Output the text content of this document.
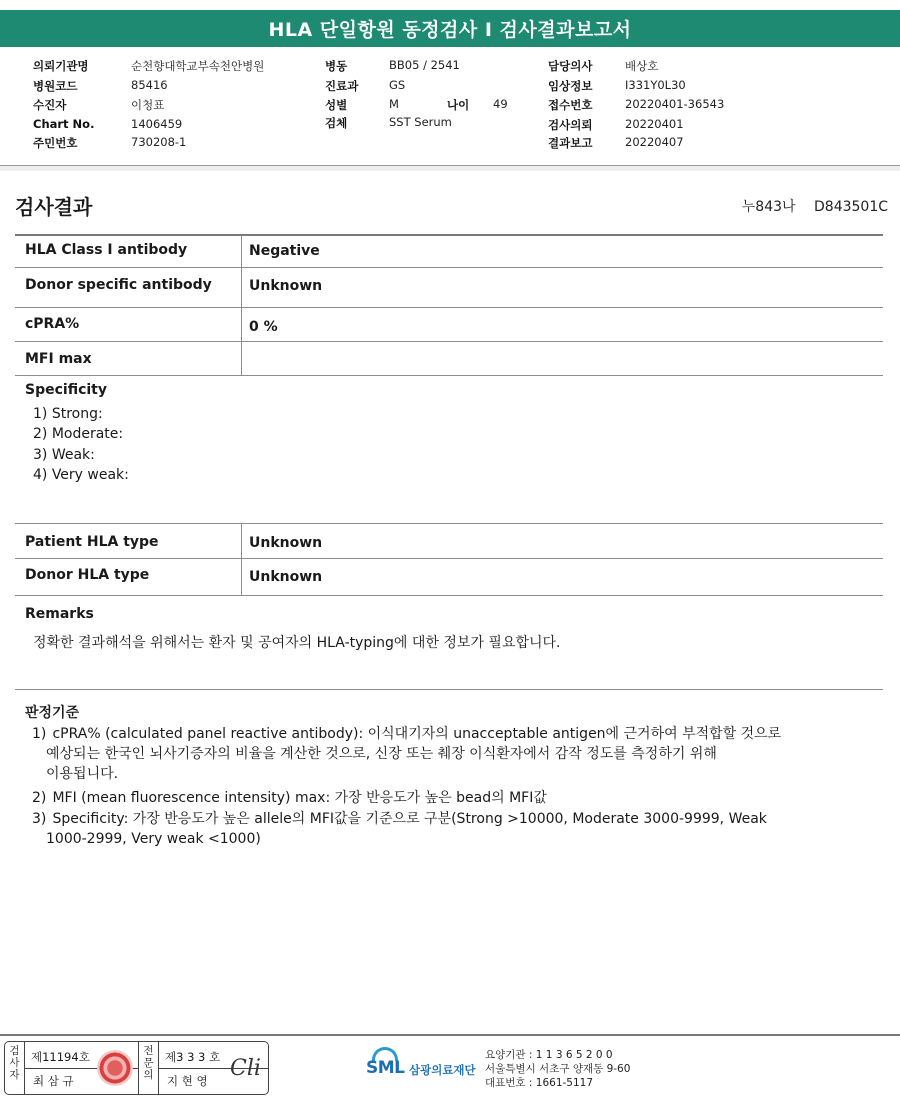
HLA 단일항원 동정검사 I 검사결과보고서
의뢰기관명	순천향대학교부속천안병원
병원코드	85416
수진자	이청표
Chart No.	1406459
주민번호	730208-1
병동	BB05 / 2541
진료과	GS
성별	M	나이 49
검체	SST Serum
담당의사	배상호
임상정보	I331Y0L30
접수번호	20220401-36543
검사의뢰	20220401
결과보고	20220407
검사결과	누843나 D843501C
HLA Class I antibody	Negative
Donor specific antibody	Unknown
cPRA%	0 %
MFI max
Specificity
1) Strong:
2) Moderate:
3) Weak:
4) Very weak:
Patient HLA type	Unknown
Donor HLA type	Unknown
Remarks
정확한 결과해석을 위해서는 환자 및 공여자의 HLA-typing에 대한 정보가 필요합니다.
판정기준
1) cPRA% (calculated panel reactive antibody): 이식대기자의 unacceptable antigen에 근거하여 부적합할 것으로
예상되는 한국인 뇌사기증자의 비율을 계산한 것으로, 신장 또는 췌장 이식환자에서 감작 정도를 측정하기 위해
이용됩니다.
2) MFI (mean fluorescence intensity) max: 가장 반응도가 높은 bead의 MFI값
3) Specificity: 가장 반응도가 높은 allele의 MFI값을 기준으로 구분(Strong >10000, Moderate 3000-9999, Weak
1000-2999, Very weak <1000)
검사자
제11194호
최 삼 규
전문의
제3 3 3 호
지 현 영 Cli	SML 삼광의료재단
요양기관 : 1 1 3 6 5 2 0 0
서울특별시 서초구 양재동 9-60
대표번호 : 1661-5117
